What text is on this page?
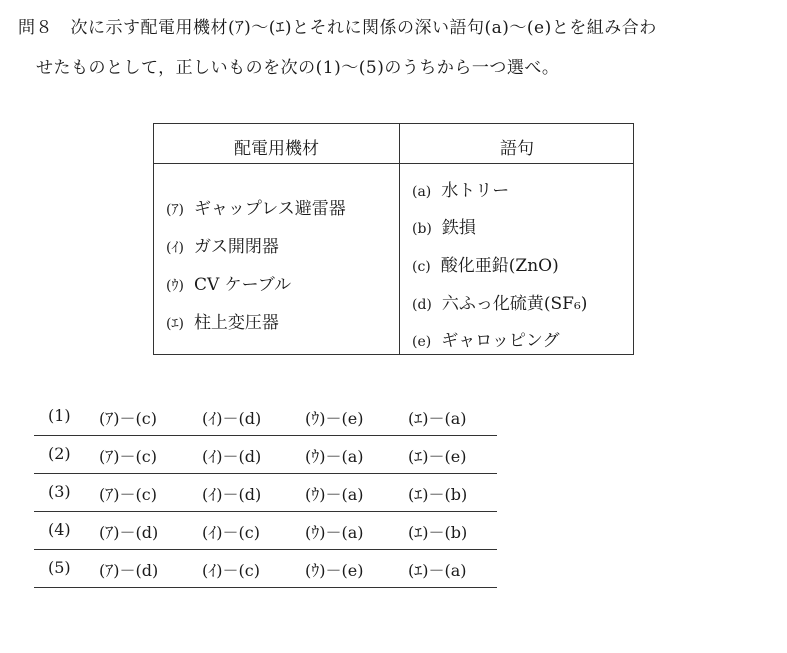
問８　次に示す配電用機材(ｱ)～(ｴ)とそれに関係の深い語句(a)～(e)とを組み合わ
せたものとして，正しいものを次の(1)～(5)のうちから一つ選べ。
配電用機材	語句
(ｱ) ギャップレス避雷器
(ｲ) ガス開閉器
(ｳ) CV ケーブル
(ｴ) 柱上変圧器
(a) 水トリー
(b) 鉄損
(c) 酸化亜鉛(ZnO)
(d) 六ふっ化硫黄(SF₆)
(e) ギャロッピング
(1) (ｱ)－(c)	(ｲ)－(d)	(ｳ)－(e)	(ｴ)－(a)
(2) (ｱ)－(c)	(ｲ)－(d)	(ｳ)－(a)	(ｴ)－(e)
(3) (ｱ)－(c)	(ｲ)－(d)	(ｳ)－(a)	(ｴ)－(b)
(4) (ｱ)－(d)	(ｲ)－(c)	(ｳ)－(a)	(ｴ)－(b)
(5) (ｱ)－(d)	(ｲ)－(c)	(ｳ)－(e)	(ｴ)－(a)
